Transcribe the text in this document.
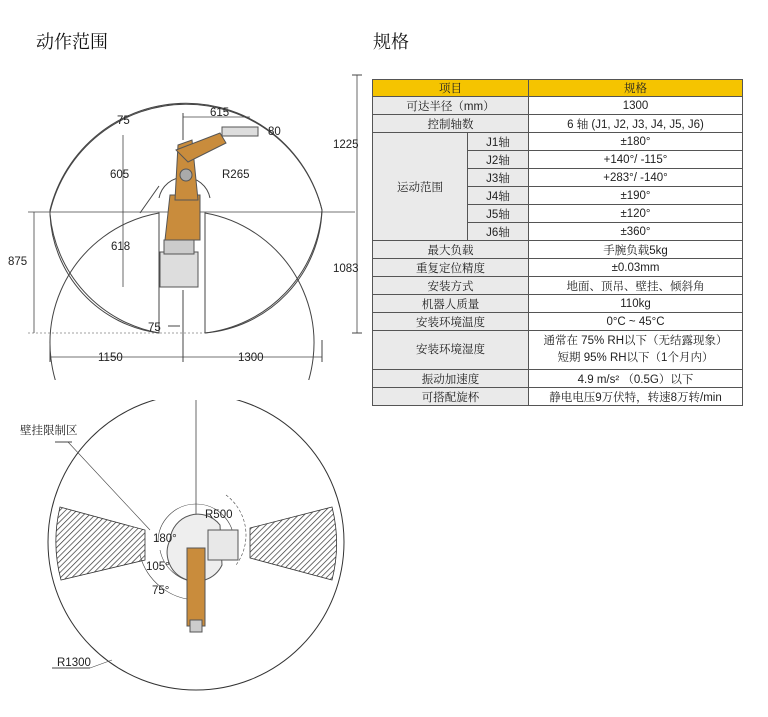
动作范围	规格
75
615
80
1225
605	R265
618
875
1083
75
1150	1300
壁挂限制区
R500
180°
105°
75°
R1300
项目		规格
可达半径（mm）		1300
控制轴数		6 轴 (J1, J2, J3, J4, J5, J6)
运动范围	J1轴	±180°
	J2轴	+140°/ -115°
	J3轴	+283°/ -140°
	J4轴	±190°
	J5轴	±120°
	J6轴	±360°
最大负载		手腕负载5kg
重复定位精度		±0.03mm
安装方式		地面、顶吊、壁挂、倾斜角
机器人质量		110kg
安装环境温度		0°C ~ 45°C
安装环境湿度		通常在 75% RH以下（无结露现象）
短期 95% RH以下（1个月内）

振动加速度		4.9 m/s² （0.5G）以下
可搭配旋杯		静电电压9万伏特，转速8万转/min
